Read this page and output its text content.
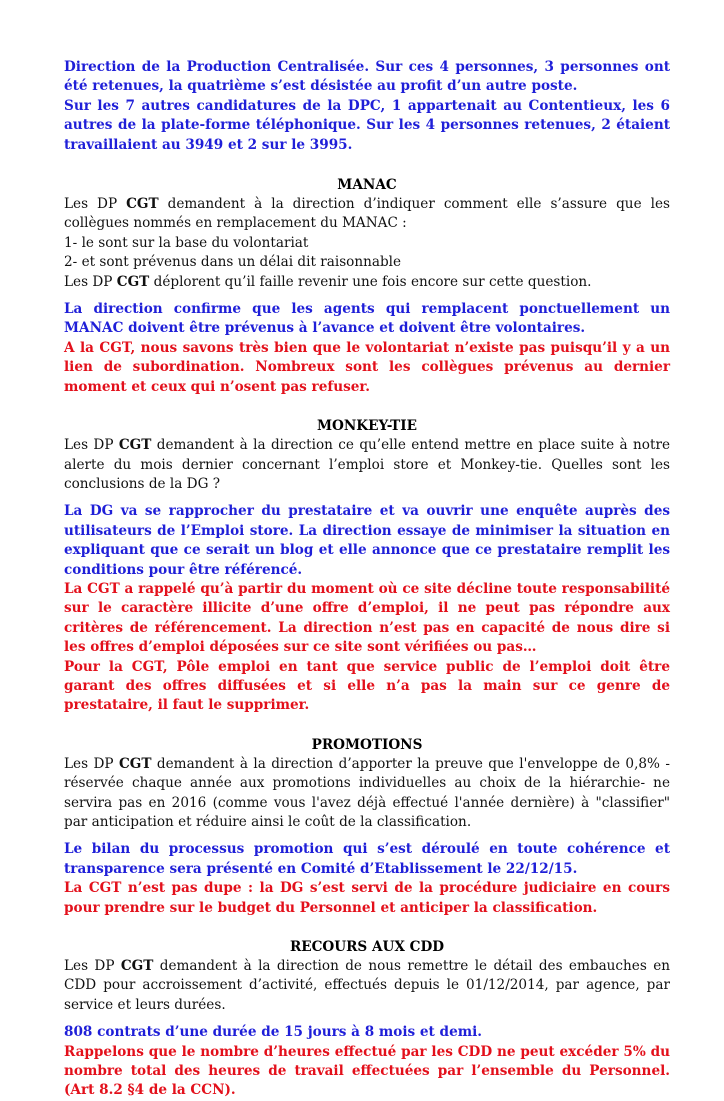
Direction de la Production Centralisée. Sur ces 4 personnes, 3 personnes ont été retenues, la quatrième s’est désistée au profit d’un autre poste.

Sur les 7 autres candidatures de la DPC, 1 appartenait au Contentieux, les 6 autres de la plate-forme téléphonique. Sur les 4 personnes retenues, 2 étaient travaillaient au 3949 et 2 sur le 3995.

MANAC

Les DP CGT demandent à la direction d’indiquer comment elle s’assure que les collègues nommés en remplacement du MANAC :

1- le sont sur la base du volontariat

2- et sont prévenus dans un délai dit raisonnable

Les DP CGT déplorent qu’il faille revenir une fois encore sur cette question.

La direction confirme que les agents qui remplacent ponctuellement un MANAC doivent être prévenus à l’avance et doivent être volontaires.

A la CGT, nous savons très bien que le volontariat n’existe pas puisqu’il y a un lien de subordination. Nombreux sont les collègues prévenus au dernier moment et ceux qui n’osent pas refuser.

MONKEY-TIE

Les DP CGT demandent à la direction ce qu’elle entend mettre en place suite à notre alerte du mois dernier concernant l’emploi store et Monkey-tie. Quelles sont les conclusions de la DG ?

La DG va se rapprocher du prestataire et va ouvrir une enquête auprès des utilisateurs de l’Emploi store. La direction essaye de minimiser la situation en expliquant que ce serait un blog et elle annonce que ce prestataire remplit les conditions pour être référencé.

La CGT a rappelé qu’à partir du moment où ce site décline toute responsabilité sur le caractère illicite d’une offre d’emploi, il ne peut pas répondre aux critères de référencement. La direction n’est pas en capacité de nous dire si les offres d’emploi déposées sur ce site sont vérifiées ou pas…

Pour la CGT, Pôle emploi en tant que service public de l’emploi doit être garant des offres diffusées et si elle n’a pas la main sur ce genre de prestataire, il faut le supprimer.

PROMOTIONS

Les DP CGT demandent à la direction d’apporter la preuve que l'enveloppe de 0,8% -réservée chaque année aux promotions individuelles au choix de la hiérarchie- ne servira pas en 2016 (comme vous l'avez déjà effectué l'année dernière) à "classifier" par anticipation et réduire ainsi le coût de la classification.

Le bilan du processus promotion qui s’est déroulé en toute cohérence et transparence sera présenté en Comité d’Etablissement le 22/12/15.

La CGT n’est pas dupe : la DG s’est servi de la procédure judiciaire en cours pour prendre sur le budget du Personnel et anticiper la classification.

RECOURS AUX CDD

Les DP CGT demandent à la direction de nous remettre le détail des embauches en CDD pour accroissement d’activité, effectués depuis le 01/12/2014, par agence, par service et leurs durées.

808 contrats d’une durée de 15 jours à 8 mois et demi.

Rappelons que le nombre d’heures effectué par les CDD ne peut excéder 5% du nombre total des heures de travail effectuées par l’ensemble du Personnel. (Art 8.2 §4 de la CCN).
